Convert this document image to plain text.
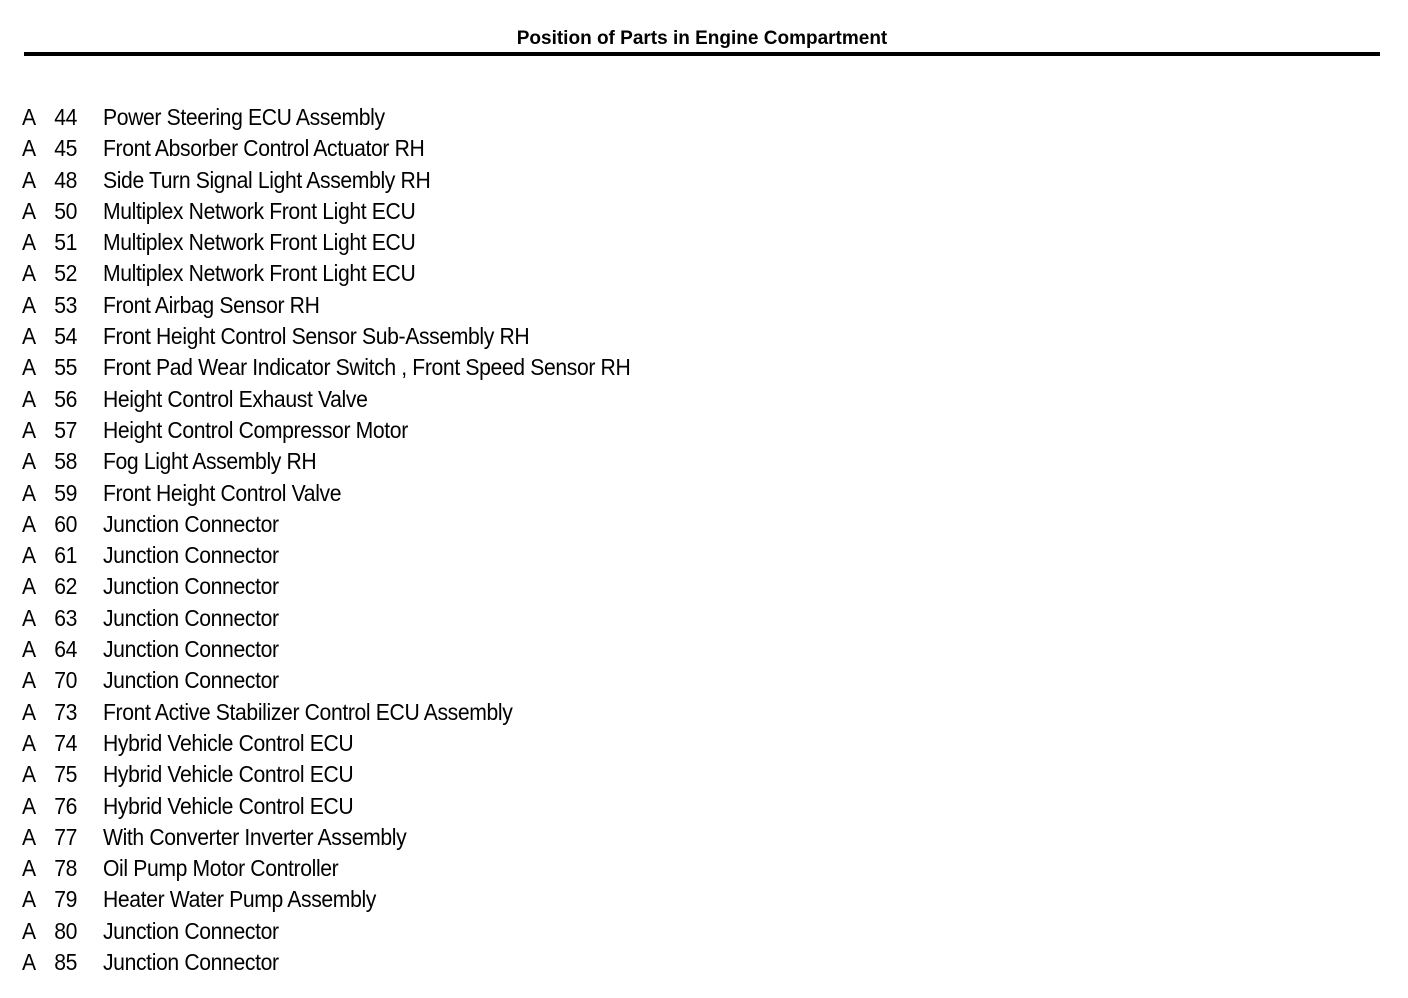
Position of Parts in Engine Compartment
A 44 Power Steering ECU Assembly
A 45 Front Absorber Control Actuator RH
A 48 Side Turn Signal Light Assembly RH
A 50 Multiplex Network Front Light ECU
A 51 Multiplex Network Front Light ECU
A 52 Multiplex Network Front Light ECU
A 53 Front Airbag Sensor RH
A 54 Front Height Control Sensor Sub-Assembly RH
A 55 Front Pad Wear Indicator Switch , Front Speed Sensor RH
A 56 Height Control Exhaust Valve
A 57 Height Control Compressor Motor
A 58 Fog Light Assembly RH
A 59 Front Height Control Valve
A 60 Junction Connector
A 61 Junction Connector
A 62 Junction Connector
A 63 Junction Connector
A 64 Junction Connector
A 70 Junction Connector
A 73 Front Active Stabilizer Control ECU Assembly
A 74 Hybrid Vehicle Control ECU
A 75 Hybrid Vehicle Control ECU
A 76 Hybrid Vehicle Control ECU
A 77 With Converter Inverter Assembly
A 78 Oil Pump Motor Controller
A 79 Heater Water Pump Assembly
A 80 Junction Connector
A 85 Junction Connector
